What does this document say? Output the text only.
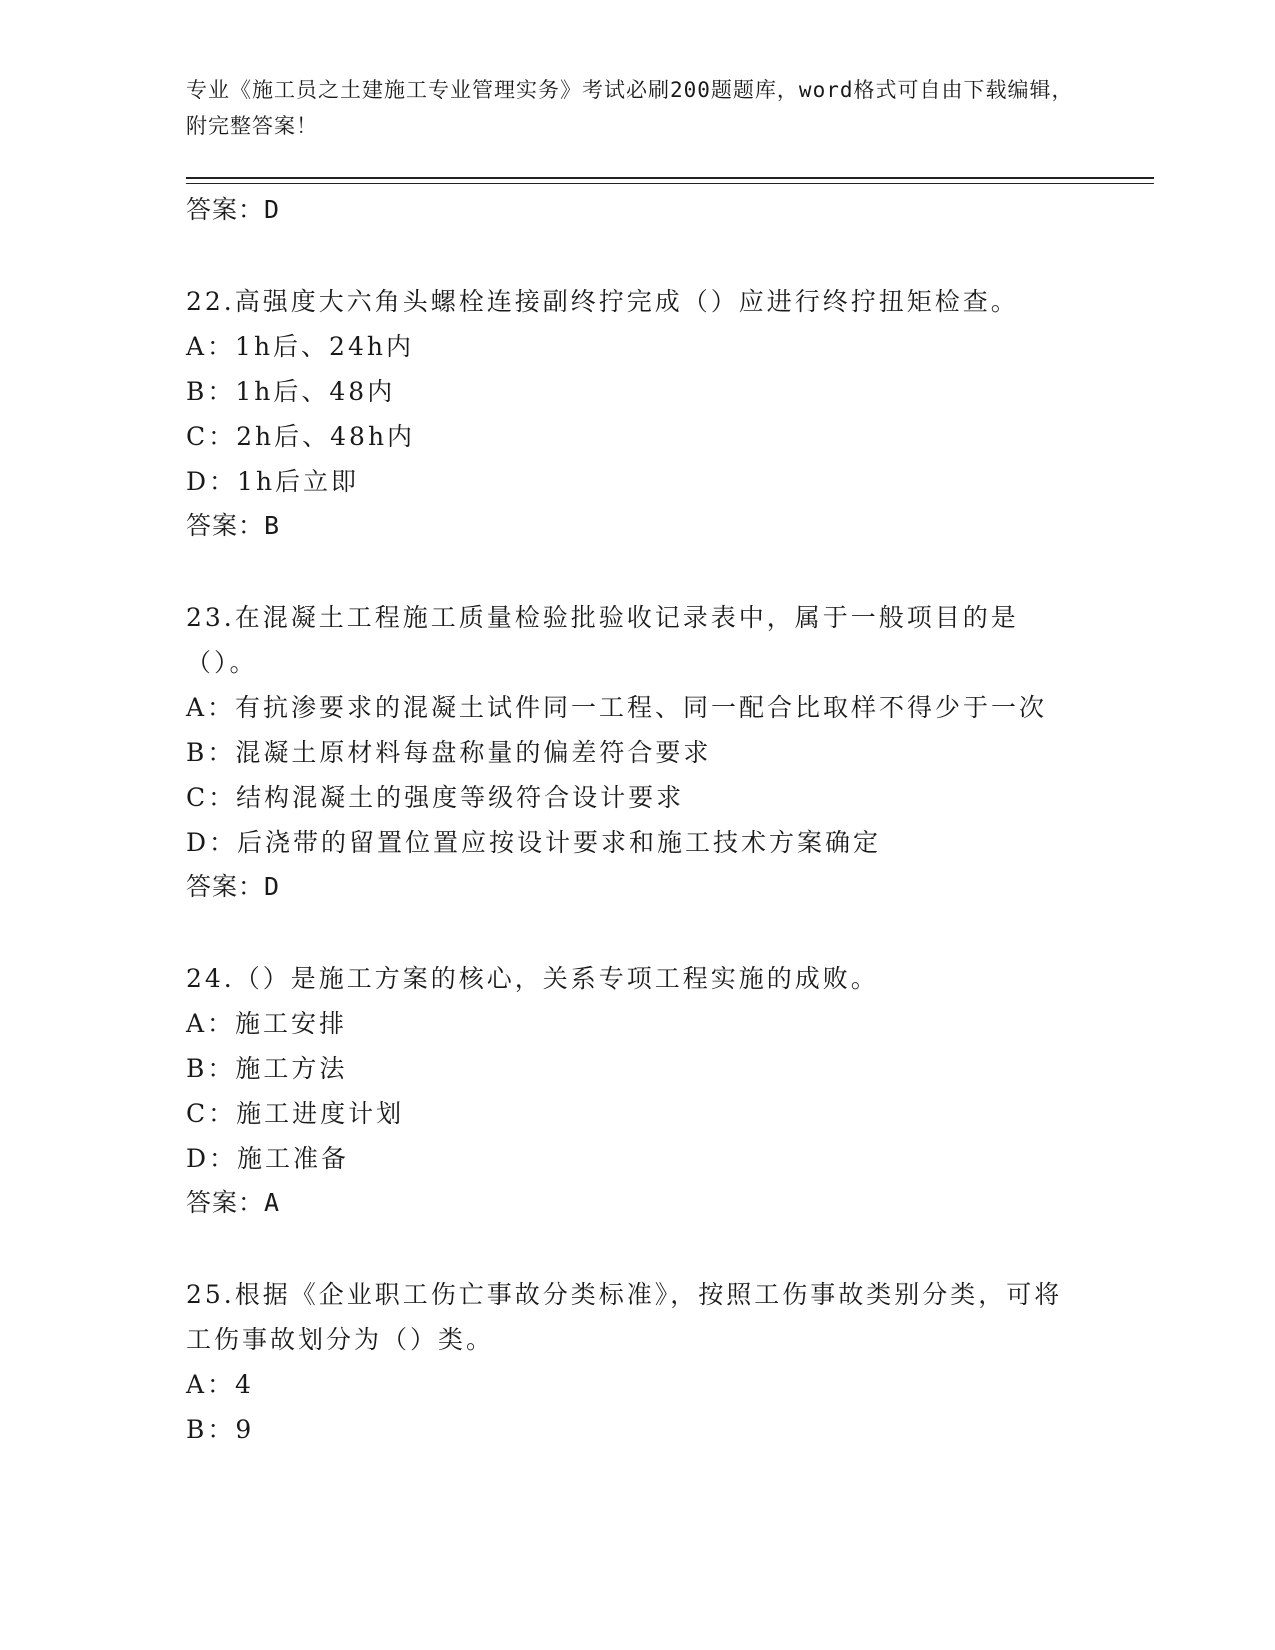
专业《施工员之土建施工专业管理实务》考试必刷200题题库，word格式可自由下载编辑，附完整答案！
答案：D
22.高强度大六角头螺栓连接副终拧完成（）应进行终拧扭矩检查。
A：1h后、24h内
B：1h后、48内
C：2h后、48h内
D：1h后立即
答案：B
23.在混凝土工程施工质量检验批验收记录表中，属于一般项目的是（）。
A：有抗渗要求的混凝土试件同一工程、同一配合比取样不得少于一次
B：混凝土原材料每盘称量的偏差符合要求
C：结构混凝土的强度等级符合设计要求
D：后浇带的留置位置应按设计要求和施工技术方案确定
答案：D
24.（）是施工方案的核心，关系专项工程实施的成败。
A：施工安排
B：施工方法
C：施工进度计划
D：施工准备
答案：A
25.根据《企业职工伤亡事故分类标准》，按照工伤事故类别分类，可将工伤事故划分为（）类。
A：4
B：9
